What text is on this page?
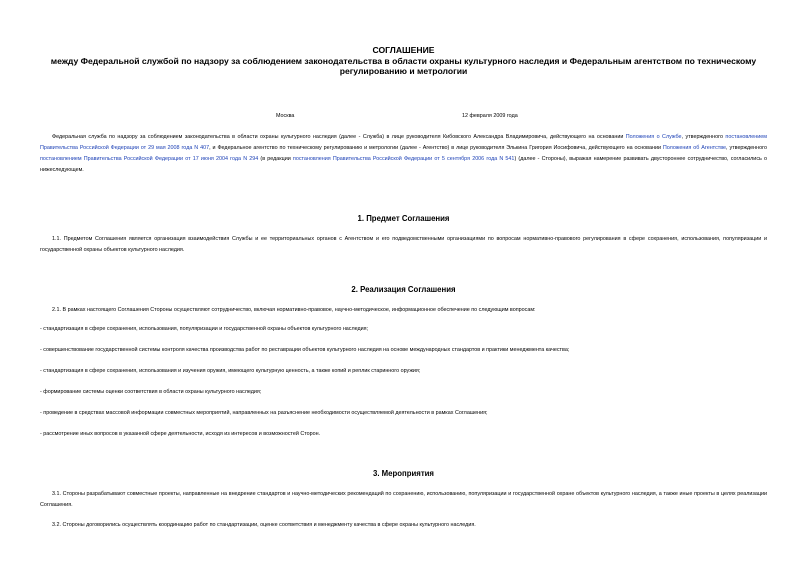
СОГЛАШЕНИЕ
между Федеральной службой по надзору за соблюдением законодательства в области охраны культурного наследия и Федеральным агентством по техническому регулированию и метрологии
Москва	12 февраля 2009 года
Федеральная служба по надзору за соблюдением законодательства в области охраны культурного наследия (далее - Служба) в лице руководителя Кибовского Александра Владимировича, действующего на основании Положения о Службе, утвержденного постановлением Правительства Российской Федерации от 29 мая 2008 года N 407, и Федеральное агентство по техническому регулированию и метрологии (далее - Агентство) в лице руководителя Элькина Григория Иосифовича, действующего на основании Положения об Агентстве, утвержденного постановлением Правительства Российской Федерации от 17 июня 2004 года N 294 (в редакции постановления Правительства Российской Федерации от 5 сентября 2006 года N 541) (далее - Стороны), выражая намерение развивать двустороннее сотрудничество, согласились о нижеследующем.
1. Предмет Соглашения
1.1. Предметом Соглашения является организация взаимодействия Службы и ее территориальных органов с Агентством и его подведомственными организациями по вопросам нормативно-правового регулирования в сфере сохранения, использования, популяризации и государственной охраны объектов культурного наследия.
2. Реализация Соглашения
2.1. В рамках настоящего Соглашения Стороны осуществляют сотрудничество, включая нормативно-правовое, научно-методическое, информационное обеспечение по следующим вопросам:
- стандартизация в сфере сохранения, использования, популяризации и государственной охраны объектов культурного наследия;
- совершенствование государственной системы контроля качества производства работ по реставрации объектов культурного наследия на основе международных стандартов и практики менеджмента качества;
- стандартизация в сфере сохранения, использования и изучения оружия, имеющего культурную ценность, а также копий и реплик старинного оружия;
- формирование системы оценки соответствия в области охраны культурного наследия;
- проведение в средствах массовой информации совместных мероприятий, направленных на разъяснение необходимости осуществляемой деятельности в рамках Соглашения;
- рассмотрение иных вопросов в указанной сфере деятельности, исходя из интересов и возможностей Сторон.
3. Мероприятия
3.1. Стороны разрабатывают совместные проекты, направленные на внедрение стандартов и научно-методических рекомендаций по сохранению, использованию, популяризации и государственной охране объектов культурного наследия, а также иные проекты в целях реализации Соглашения.
3.2. Стороны договорились осуществлять координацию работ по стандартизации, оценке соответствия и менеджменту качества в сфере охраны культурного наследия.
